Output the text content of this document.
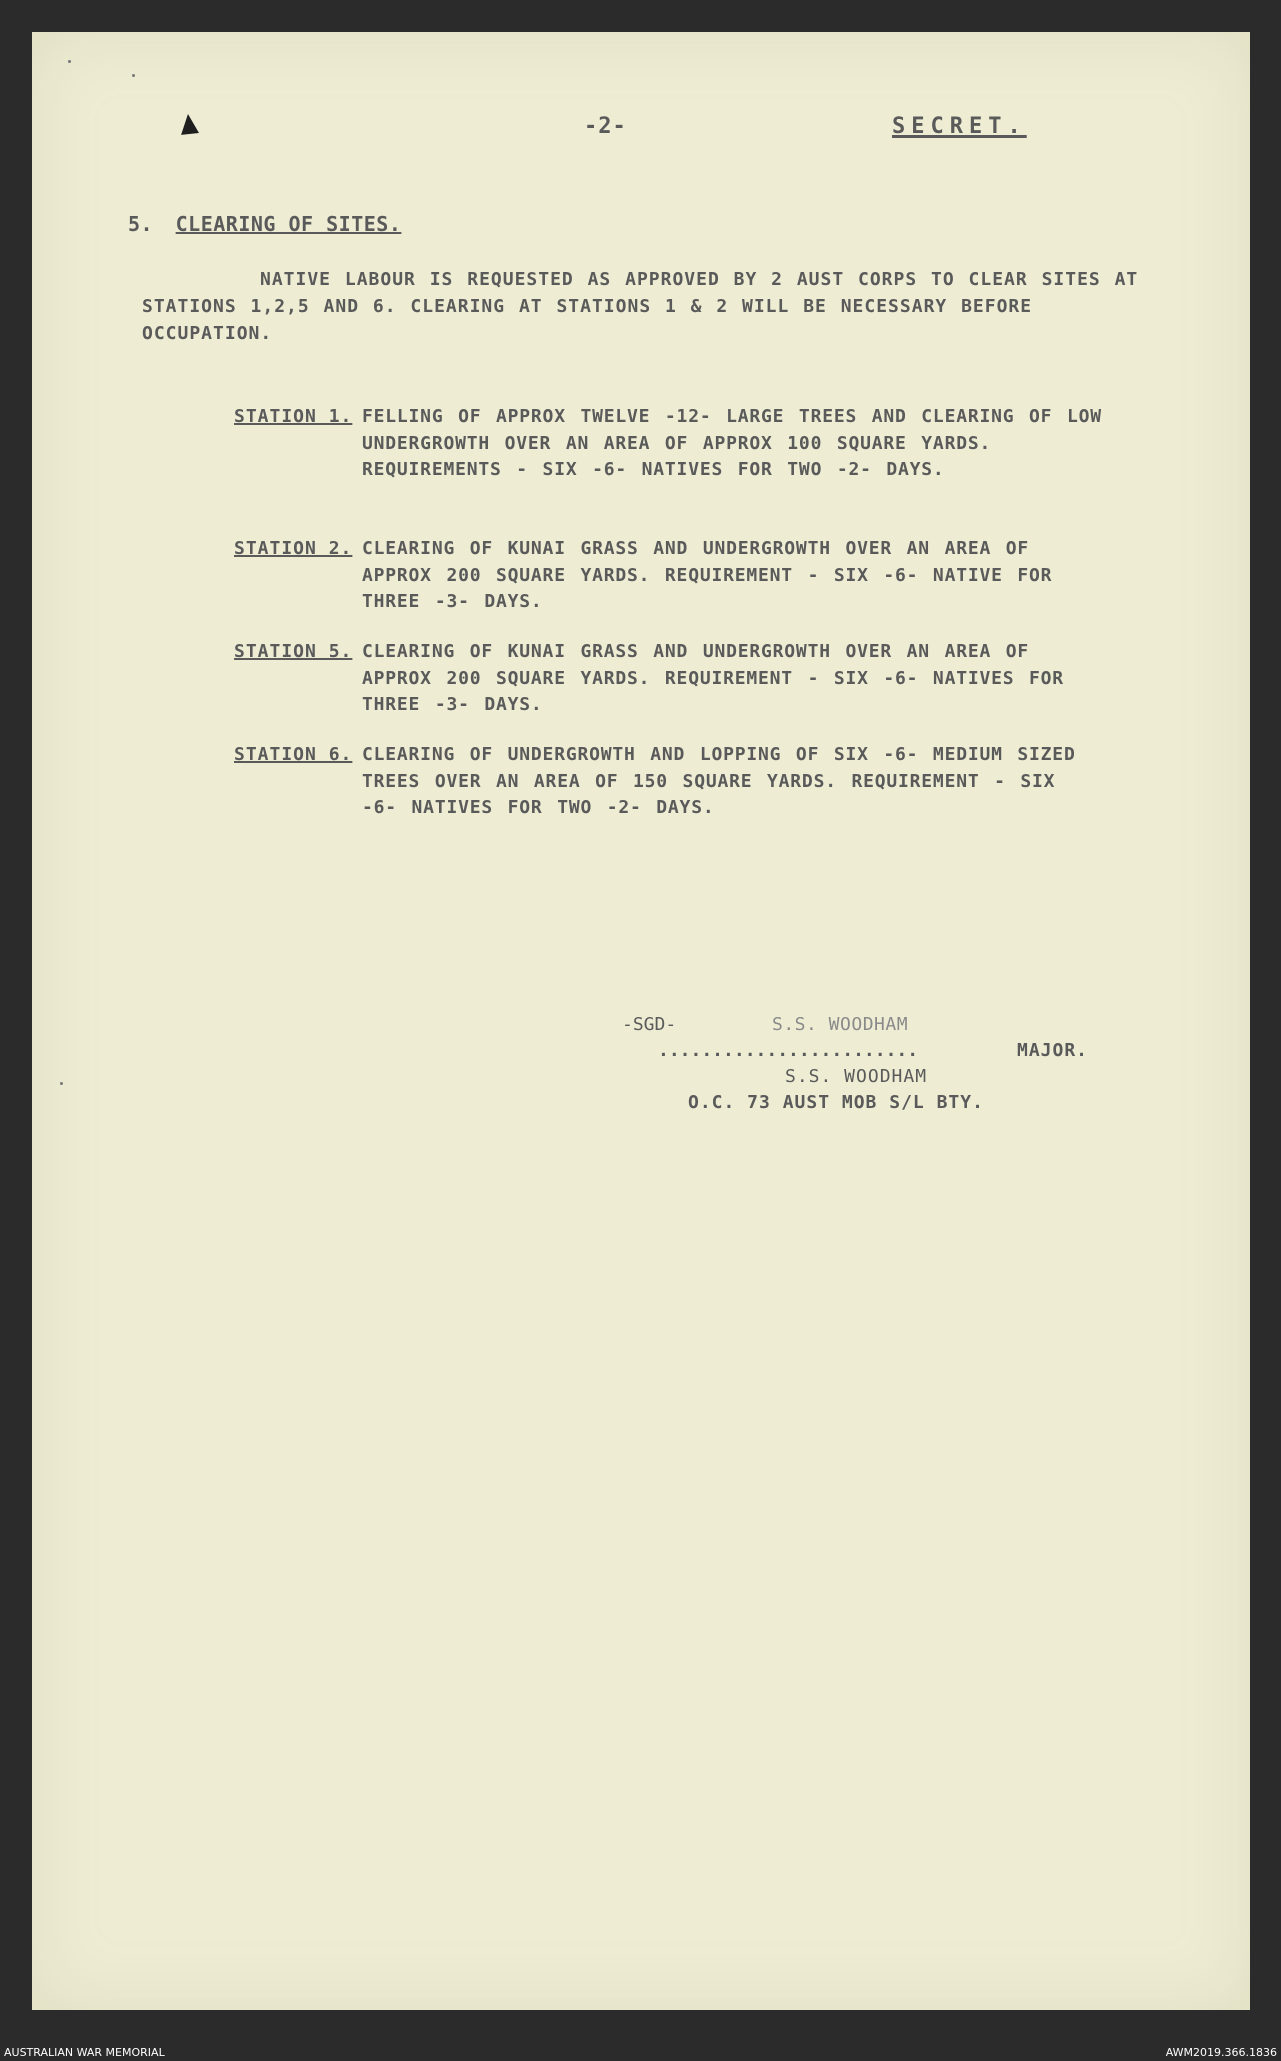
-2-	SECRET.
5. CLEARING OF SITES.
NATIVE LABOUR IS REQUESTED AS APPROVED BY 2 AUST CORPS TO CLEAR SITES AT STATIONS 1,2,5 AND 6. CLEARING AT STATIONS 1 & 2 WILL BE NECESSARY BEFORE OCCUPATION.
STATION 1. FELLING OF APPROX TWELVE -12- LARGE TREES AND CLEARING OF LOW UNDERGROWTH OVER AN AREA OF APPROX 100 SQUARE YARDS. REQUIREMENTS - SIX -6- NATIVES FOR TWO -2- DAYS.
STATION 2. CLEARING OF KUNAI GRASS AND UNDERGROWTH OVER AN AREA OF APPROX 200 SQUARE YARDS. REQUIREMENT - SIX -6- NATIVE FOR THREE -3- DAYS.
STATION 5. CLEARING OF KUNAI GRASS AND UNDERGROWTH OVER AN AREA OF APPROX 200 SQUARE YARDS. REQUIREMENT - SIX -6- NATIVES FOR THREE -3- DAYS.
STATION 6. CLEARING OF UNDERGROWTH AND LOPPING OF SIX -6- MEDIUM SIZED TREES OVER AN AREA OF 150 SQUARE YARDS. REQUIREMENT - SIX -6- NATIVES FOR TWO -2- DAYS.
-SGD-	S.S. WOODHAM
........................	MAJOR.
S.S. WOODHAM
O.C. 73 AUST MOB S/L BTY.
AUSTRALIAN WAR MEMORIAL	AWM2019.366.1836
